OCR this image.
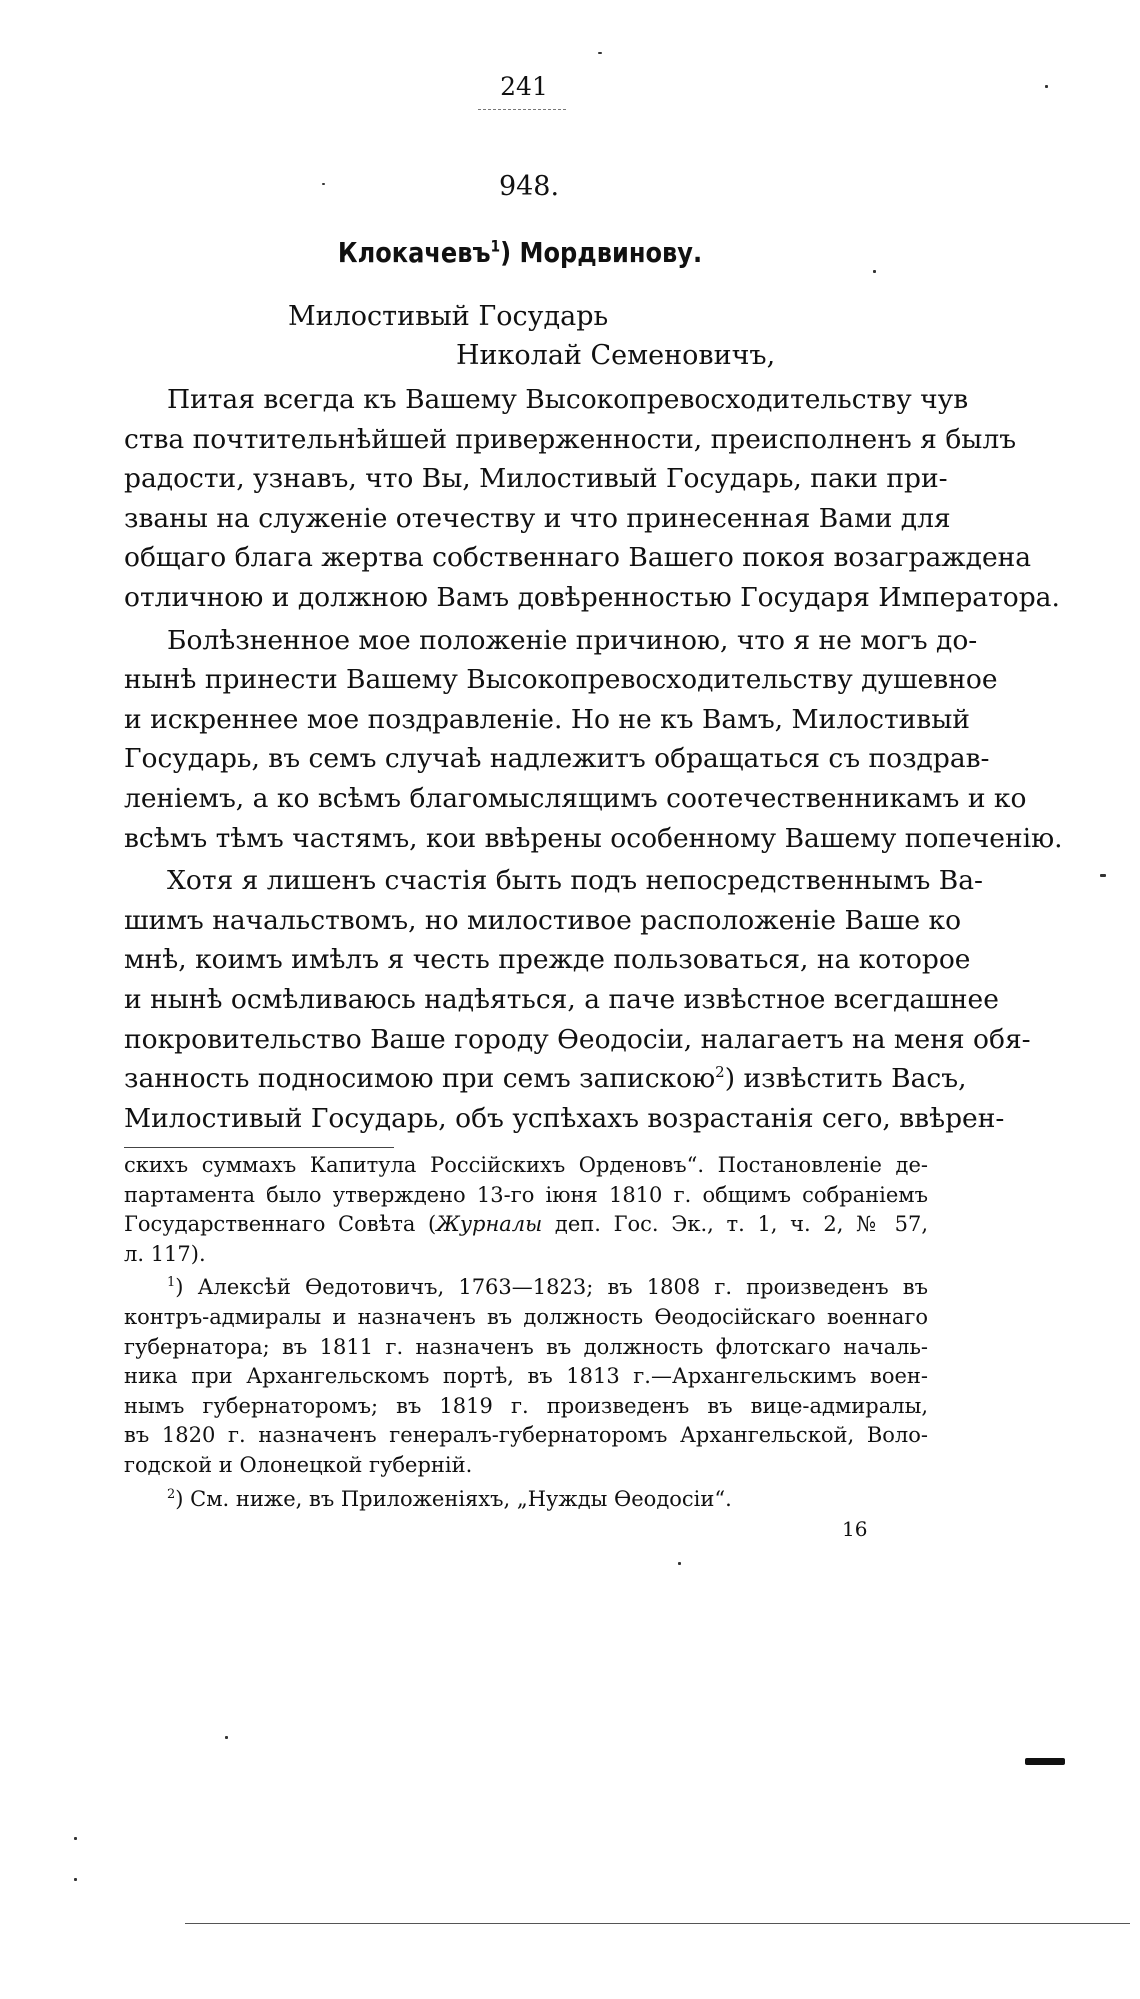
241
948.
Клокачевъ$^1$) Мордвинову.
Милостивый Государь
Николай Семеновичъ,
Питая всегда къ Вашему Высокопревосходительству чув
ства почтительнѣйшей приверженности, преисполненъ я былъ
радости, узнавъ, что Вы, Милостивый Государь, паки при-
званы на служеніе отечеству и что принесенная Вами для
общаго блага жертва собственнаго Вашего покоя возаграждена
отличною и должною Вамъ довѣренностью Государя Императора.
Болѣзненное мое положеніе причиною, что я не могъ до-
нынѣ принести Вашему Высокопревосходительству душевное
и искреннее мое поздравленіе. Но не къ Вамъ, Милостивый
Государь, въ семъ случаѣ надлежитъ обращаться съ поздрав-
леніемъ, а ко всѣмъ благомыслящимъ соотечественникамъ и ко
всѣмъ тѣмъ частямъ, кои ввѣрены особенному Вашему попеченію.
Хотя я лишенъ счастія быть подъ непосредственнымъ Ва-
шимъ начальствомъ, но милостивое расположеніе Ваше ко
мнѣ, коимъ имѣлъ я честь прежде пользоваться, на которое
и нынѣ осмѣливаюсь надѣяться, а паче извѣстное всегдашнее
покровительство Ваше городу Ѳеодосіи, налагаетъ на меня обя-
занность подносимою при семъ запискою$^2$) извѣстить Васъ,
Милостивый Государь, объ успѣхахъ возрастанія сего, ввѣрен-
скихъ суммахъ Капитула Россійскихъ Орденовъ“. Постановленіе де-
партамента было утверждено 13-го іюня 1810 г. общимъ собраніемъ
Государственнаго Совѣта (Журналы деп. Гос. Эк., т. 1, ч. 2, № 57,
л. 117).
$^1$) Алексѣй Ѳедотовичъ, 1763—1823; въ 1808 г. произведенъ въ
контръ-адмиралы и назначенъ въ должность Ѳеодосійскаго военнаго
губернатора; въ 1811 г. назначенъ въ должность флотскаго началь-
ника при Архангельскомъ портѣ, въ 1813 г.—Архангельскимъ воен-
нымъ губернаторомъ; въ 1819 г. произведенъ въ вице-адмиралы,
въ 1820 г. назначенъ генералъ-губернаторомъ Архангельской, Воло-
годской и Олонецкой губерній.
$^2$) См. ниже, въ Приложеніяхъ, „Нужды Ѳеодосіи“.
16
